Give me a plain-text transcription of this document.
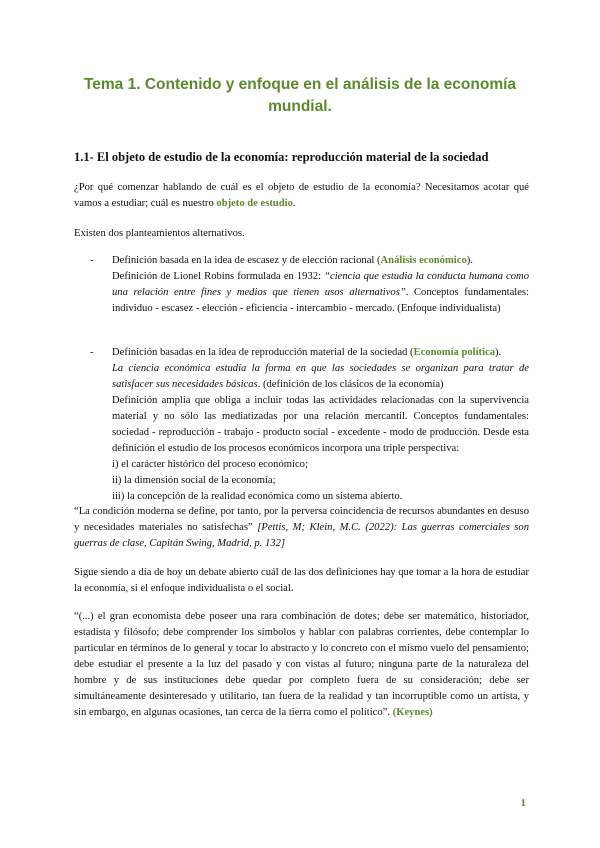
Tema 1. Contenido y enfoque en el análisis de la economía mundial.
1.1- El objeto de estudio de la economía: reproducción material de la sociedad
¿Por qué comenzar hablando de cuál es el objeto de estudio de la economía? Necesitamos acotar qué vamos a estudiar; cuál es nuestro objeto de estudio.
Existen dos planteamientos alternativos.
- Definición basada en la idea de escasez y de elección racional (Análisis económico).
Definición de Lionel Robins formulada en 1932: “ciencia que estudia la conducta humana como una relación entre fines y medios que tienen usos alternativos”. Conceptos fundamentales: individuo - escasez - elección - eficiencia - intercambio - mercado. (Enfoque individualista)
- Definición basadas en la idea de reproducción material de la sociedad (Economía política).
La ciencia económica estudia la forma en que las sociedades se organizan para tratar de satisfacer sus necesidades básicas. (definición de los clásicos de la economía)
Definición amplia que obliga a incluir todas las actividades relacionadas con la supervivencia material y no sólo las mediatizadas por una relación mercantil. Conceptos fundamentales: sociedad - reproducción - trabajo - producto social - excedente - modo de producción. Desde esta definición el estudio de los procesos económicos incorpora una triple perspectiva:
i) el carácter histórico del proceso económico;
ii) la dimensión social de la economía;
iii) la concepción de la realidad económica como un sistema abierto.
“La condición moderna se define, por tanto, por la perversa coincidencia de recursos abundantes en desuso y necesidades materiales no satisfechas” [Pettis, M; Klein, M.C. (2022): Las guerras comerciales son guerras de clase, Capitán Swing, Madrid, p. 132]
Sigue siendo a día de hoy un debate abierto cuál de las dos definiciones hay que tomar a la hora de estudiar la economía, si el enfoque individualista o el social.
“(...) el gran economista debe poseer una rara combinación de dotes; debe ser matemático, historiador, estadista y filósofo; debe comprender los símbolos y hablar con palabras corrientes, debe contemplar lo particular en términos de lo general y tocar lo abstracto y lo concreto con el mismo vuelo del pensamiento; debe estudiar el presente a la luz del pasado y con vistas al futuro; ninguna parte de la naturaleza del hombre y de sus instituciones debe quedar por completo fuera de su consideración; debe ser simultáneamente desinteresado y utilitario, tan fuera de la realidad y tan incorruptible como un artista, y sin embargo, en algunas ocasiones, tan cerca de la tierra como el político”. (Keynes)
1
